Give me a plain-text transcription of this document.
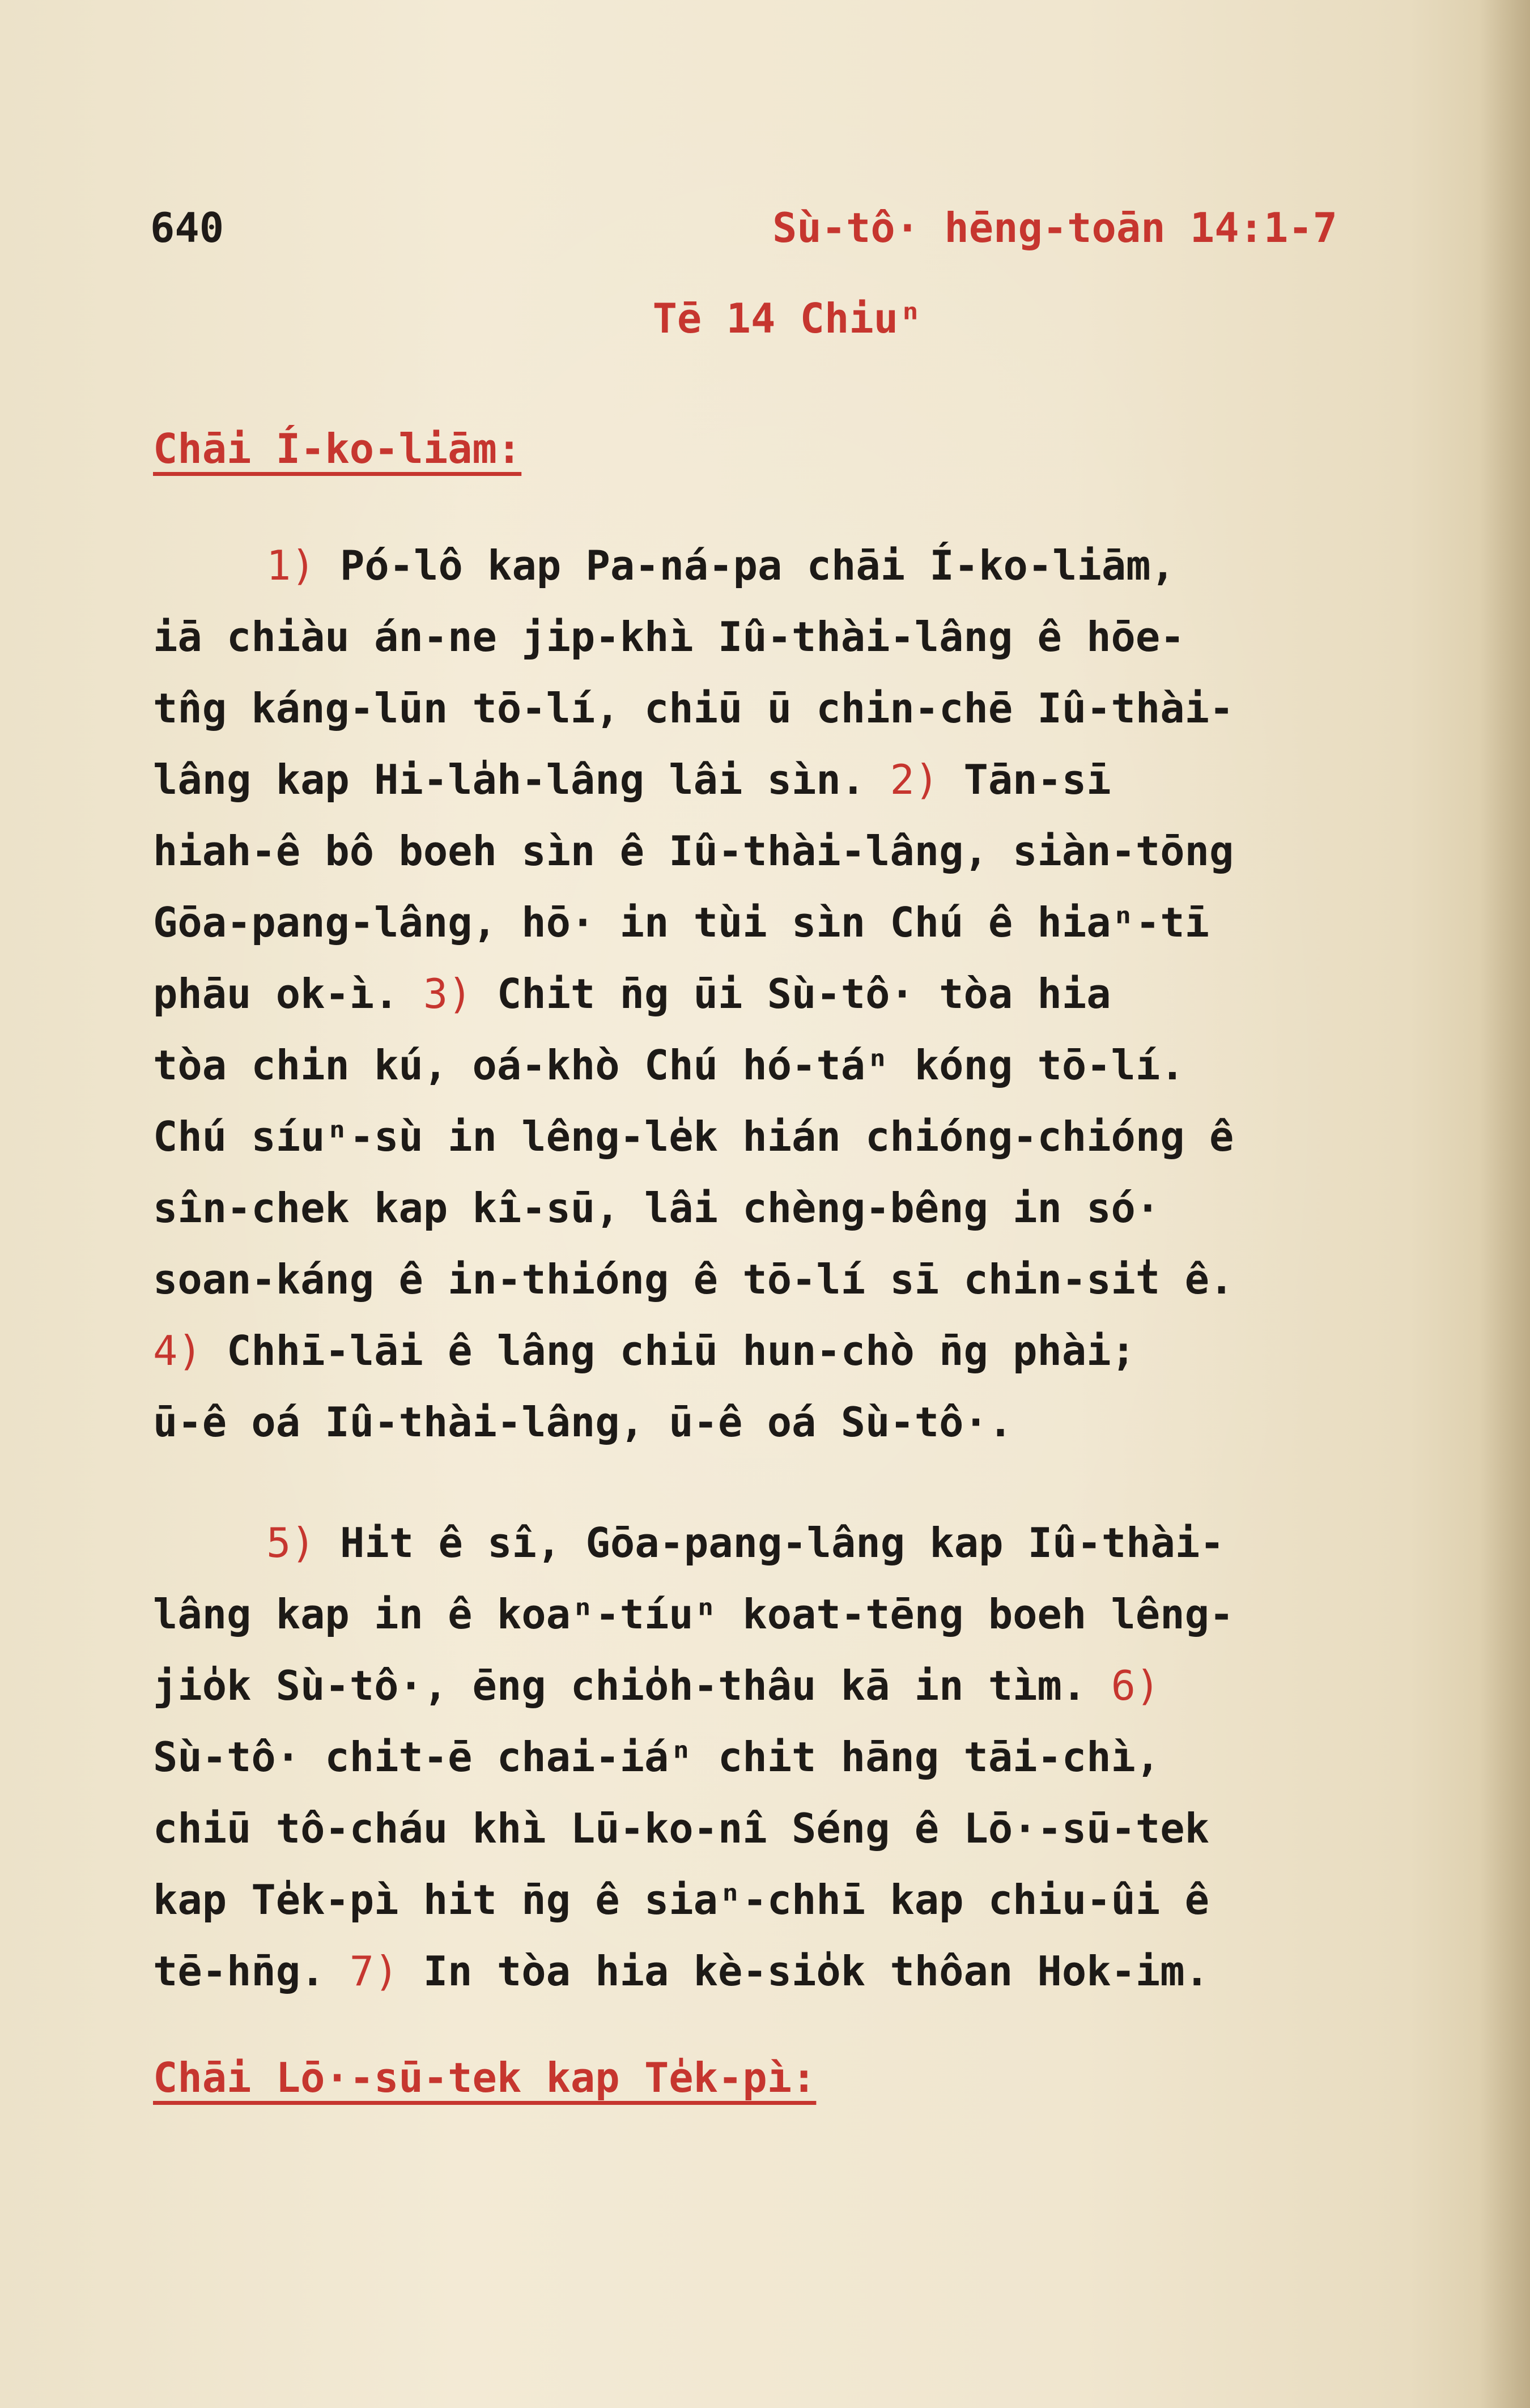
640	Sù-tô· hēng-toān 14:1-7
Tē 14 Chiuⁿ
Chāi Í-ko-liām:
1) Pó-lô kap Pa-ná-pa chāi Í-ko-liām,
iā chiàu án-ne jip-khì Iû-thài-lâng ê hōe-
tn̂g káng-lūn tō-lí, chiū ū chin-chē Iû-thài-
lâng kap Hi-la̍h-lâng lâi sìn. 2) Tān-sī
hiah-ê bô boeh sìn ê Iû-thài-lâng, siàn-tōng
Gōa-pang-lâng, hō· in tùi sìn Chú ê hiaⁿ-tī
phāu ok-ì. 3) Chit n̄g ūi Sù-tô· tòa hia
tòa chin kú, oá-khò Chú hó-táⁿ kóng tō-lí.
Chú síuⁿ-sù in lêng-le̍k hián chióng-chióng ê
sîn-chek kap kî-sū, lâi chèng-bêng in só·
soan-káng ê in-thióng ê tō-lí sī chin-si̍t ê.
4) Chhī-lāi ê lâng chiū hun-chò n̄g phài;
ū-ê oá Iû-thài-lâng, ū-ê oá Sù-tô·.
5) Hit ê sî, Gōa-pang-lâng kap Iû-thài-
lâng kap in ê koaⁿ-tíuⁿ koat-tēng boeh lêng-
jio̍k Sù-tô·, ēng chio̍h-thâu kā in tìm. 6)
Sù-tô· chit-ē chai-iáⁿ chit hāng tāi-chì,
chiū tô-cháu khì Lū-ko-nî Séng ê Lō·-sū-tek
kap Te̍k-pì hit n̄g ê siaⁿ-chhī kap chiu-ûi ê
tē-hn̄g. 7) In tòa hia kè-sio̍k thôan Hok-im.
Chāi Lō·-sū-tek kap Te̍k-pì:
